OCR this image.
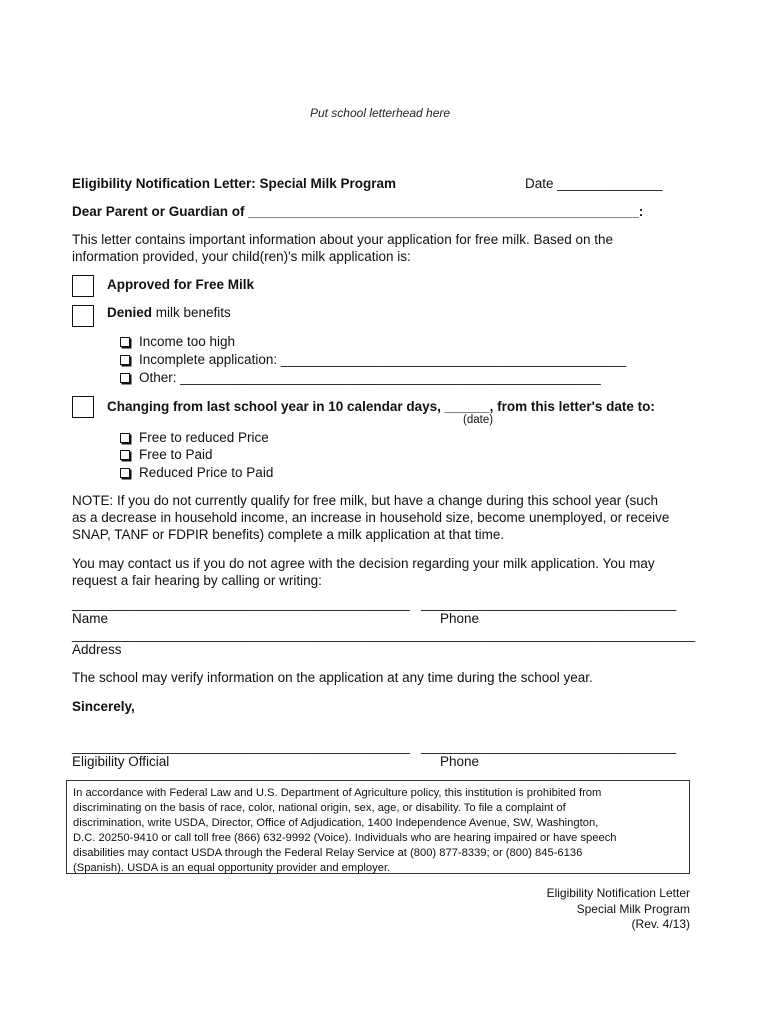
Put school letterhead here
Eligibility Notification Letter: Special Milk Program	Date ______________
Dear Parent or Guardian of ____________________________________________________:
This letter contains important information about your application for free milk. Based on the
information provided, your child(ren)'s milk application is:
Approved for Free Milk
Denied milk benefits
Income too high
Incomplete application: ______________________________________________
Other: ________________________________________________________
Changing from last school year in 10 calendar days, ______, from this letter's date to:
(date)
Free to reduced Price
Free to Paid
Reduced Price to Paid
NOTE: If you do not currently qualify for free milk, but have a change during this school year (such
as a decrease in household income, an increase in household size, become unemployed, or receive
SNAP, TANF or FDPIR benefits) complete a milk application at that time.
You may contact us if you do not agree with the decision regarding your milk application. You may
request a fair hearing by calling or writing:
_____________________________________________ __________________________________
Name	Phone
___________________________________________________________________________________
Address
The school may verify information on the application at any time during the school year.
Sincerely,
_____________________________________________ __________________________________
Eligibility Official	Phone
In accordance with Federal Law and U.S. Department of Agriculture policy, this institution is prohibited from
discriminating on the basis of race, color, national origin, sex, age, or disability. To file a complaint of
discrimination, write USDA, Director, Office of Adjudication, 1400 Independence Avenue, SW, Washington,
D.C. 20250-9410 or call toll free (866) 632-9992 (Voice). Individuals who are hearing impaired or have speech
disabilities may contact USDA through the Federal Relay Service at (800) 877-8339; or (800) 845-6136
(Spanish). USDA is an equal opportunity provider and employer.
Eligibility Notification Letter
Special Milk Program
(Rev. 4/13)
